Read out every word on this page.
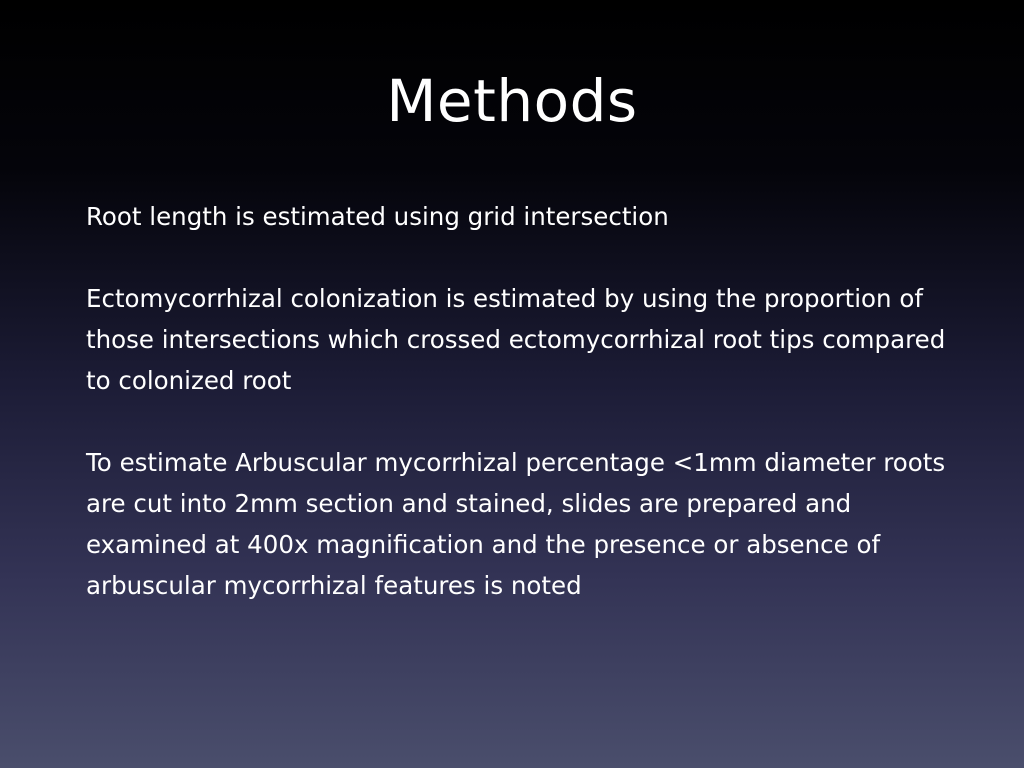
Methods

Root length is estimated using grid intersection

Ectomycorrhizal colonization is estimated by using the proportion of those intersections which crossed ectomycorrhizal root tips compared to colonized root

To estimate Arbuscular mycorrhizal percentage <1mm diameter roots are cut into 2mm section and stained, slides are prepared and examined at 400x magnification and the presence or absence of arbuscular mycorrhizal features is noted
